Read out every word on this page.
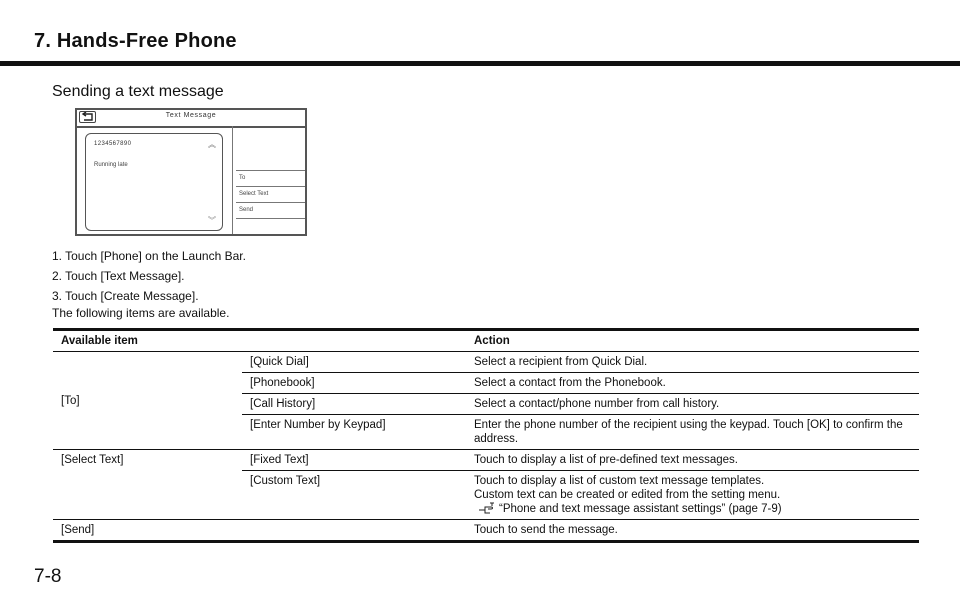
7. Hands-Free Phone
Sending a text message
Text Message
1234567890
Running late
︽
︾
To
Select Text
Send
1. Touch [Phone] on the Launch Bar.
2. Touch [Text Message].
3. Touch [Create Message].

The following items are available.

Available item		Action
[To]	[Quick Dial]	Select a recipient from Quick Dial.
	[Phonebook]	Select a contact from the Phonebook.
	[Call History]	Select a contact/phone number from call history.
	[Enter Number by Keypad]	Enter the phone number of the recipient using the keypad. Touch [OK] to confirm the address.
[Select Text]	[Fixed Text]	Touch to display a list of pre-defined text messages.
	[Custom Text]	Touch to display a list of custom text message templates.
Custom text can be created or edited from the setting menu.
“Phone and text message assistant settings” (page 7-9)

[Send]		Touch to send the message.

7-8
